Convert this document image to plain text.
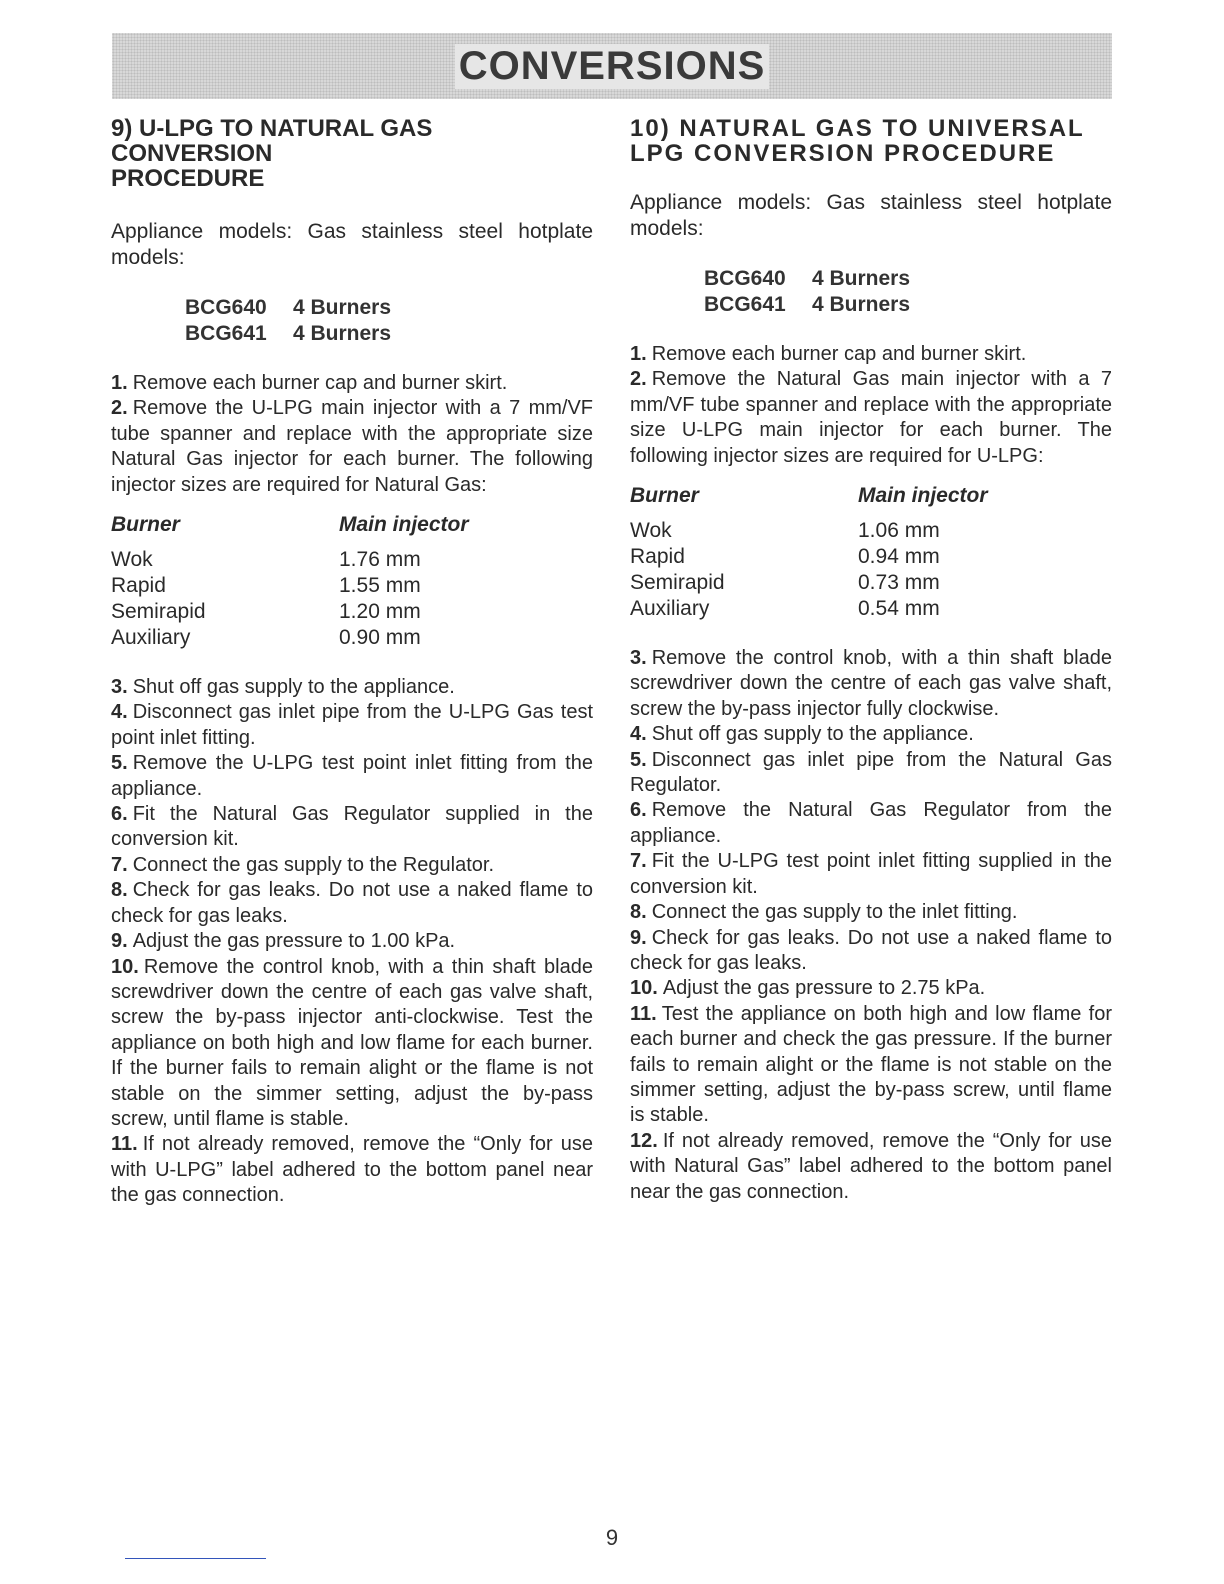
CONVERSIONS
9) U-LPG TO NATURAL GAS CONVERSION
PROCEDURE
Appliance models: Gas stainless steel hotplate models:
BCG640	4 Burners
BCG641	4 Burners

1. Remove each burner cap and burner skirt.

2. Remove the U-LPG main injector with a 7 mm/VF tube spanner and replace with the appropriate size Natural Gas injector for each burner. The following injector sizes are required for Natural Gas:

Burner	Main injector
Wok	1.76 mm
Rapid	1.55 mm
Semirapid	1.20 mm
Auxiliary	0.90 mm

3. Shut off gas supply to the appliance.

4. Disconnect gas inlet pipe from the U-LPG Gas test point inlet fitting.

5. Remove the U-LPG test point inlet fitting from the appliance.

6. Fit the Natural Gas Regulator supplied in the conversion kit.

7. Connect the gas supply to the Regulator.

8. Check for gas leaks. Do not use a naked flame to check for gas leaks.

9. Adjust the gas pressure to 1.00 kPa.

10. Remove the control knob, with a thin shaft blade screwdriver down the centre of each gas valve shaft, screw the by-pass injector anti-clockwise. Test the appliance on both high and low flame for each burner. If the burner fails to remain alight or the flame is not stable on the simmer setting, adjust the by-pass screw, until flame is stable.

11. If not already removed, remove the “Only for use with U-LPG” label adhered to the bottom panel near the gas connection.

10) NATURAL GAS TO UNIVERSAL
LPG CONVERSION PROCEDURE
Appliance models: Gas stainless steel hotplate models:
BCG640	4 Burners
BCG641	4 Burners

1. Remove each burner cap and burner skirt.

2. Remove the Natural Gas main injector with a 7 mm/VF tube spanner and replace with the appropriate size U-LPG main injector for each burner. The following injector sizes are required for U-LPG:

Burner	Main injector
Wok	1.06 mm
Rapid	0.94 mm
Semirapid	0.73 mm
Auxiliary	0.54 mm

3. Remove the control knob, with a thin shaft blade screwdriver down the centre of each gas valve shaft, screw the by-pass injector fully clockwise.

4. Shut off gas supply to the appliance.

5. Disconnect gas inlet pipe from the Natural Gas Regulator.

6. Remove the Natural Gas Regulator from the appliance.

7. Fit the U-LPG test point inlet fitting supplied in the conversion kit.

8. Connect the gas supply to the inlet fitting.

9. Check for gas leaks. Do not use a naked flame to check for gas leaks.

10. Adjust the gas pressure to 2.75 kPa.

11. Test the appliance on both high and low flame for each burner and check the gas pressure. If the burner fails to remain alight or the flame is not stable on the simmer setting, adjust the by-pass screw, until flame is stable.

12. If not already removed, remove the “Only for use with Natural Gas” label adhered to the bottom panel near the gas connection.

9
